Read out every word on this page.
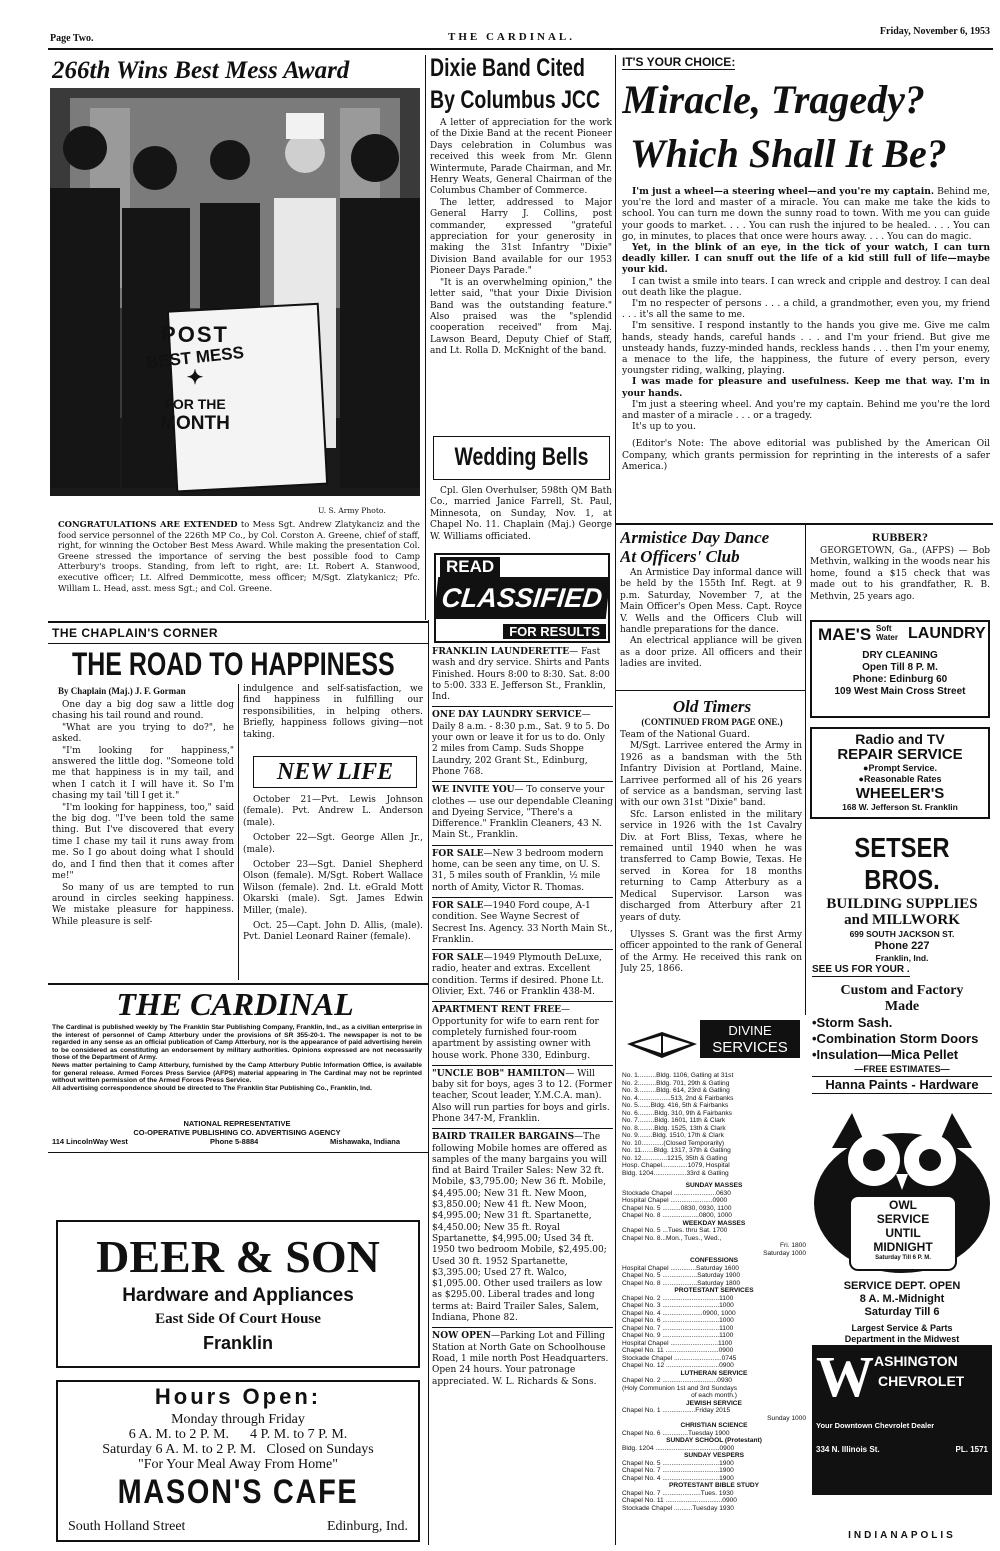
Page Two.	THE CARDINAL.	Friday, November 6, 1953
266th Wins Best Mess Award
POST
BEST MESS
✦
FOR THE
MONTH
U. S. Army Photo.
CONGRATULATIONS ARE EXTENDED to Mess Sgt. Andrew Zlatykanciz and the food service personnel of the 226th MP Co., by Col. Corston A. Greene, chief of staff, right, for winning the October Best Mess Award. While making the presentation Col. Greene stressed the importance of serving the best possible food to Camp Atterbury's troops. Standing, from left to right, are: Lt. Robert A. Stanwood, executive officer; Lt. Alfred Demmicotte, mess officer; M/Sgt. Zlatykanicz; Pfc. William L. Head, asst. mess Sgt.; and Col. Greene.
Dixie Band Cited
By Columbus JCC

A letter of appreciation for the work of the Dixie Band at the recent Pioneer Days celebration in Columbus was received this week from Mr. Glenn Wintermute, Parade Chairman, and Mr. Henry Weats, General Chairman of the Columbus Chamber of Commerce.

The letter, addressed to Major General Harry J. Collins, post commander, expressed "grateful appreciation for your generosity in making the 31st Infantry "Dixie" Division Band available for our 1953 Pioneer Days Parade."

"It is an overwhelming opinion," the letter said, "that your Dixie Division Band was the outstanding feature." Also praised was the "splendid cooperation received" from Maj. Lawson Beard, Deputy Chief of Staff, and Lt. Rolla D. McKnight of the band.

Wedding Bells

Cpl. Glen Overhulser, 598th QM Bath Co., married Janice Farrell, St. Paul, Minnesota, on Sunday, Nov. 1, at Chapel No. 11. Chaplain (Maj.) George W. Williams officiated.

READ
CLASSIFIED
FOR RESULTS
FRANKLIN LAUNDERETTE— Fast wash and dry service. Shirts and Pants Finished. Hours 8:00 to 8:30. Sat. 8:00 to 5:00. 333 E. Jefferson St., Franklin, Ind.
ONE DAY LAUNDRY SERVICE— Daily 8 a.m. - 8:30 p.m., Sat. 9 to 5. Do your own or leave it for us to do. Only 2 miles from Camp. Suds Shoppe Laundry, 202 Grant St., Edinburg, Phone 768.
WE INVITE YOU— To conserve your clothes — use our dependable Cleaning and Dyeing Service, "There's a Difference." Franklin Cleaners, 43 N. Main St., Franklin.
FOR SALE—New 3 bedroom modern home, can be seen any time, on U. S. 31, 5 miles south of Franklin, ½ mile north of Amity, Victor R. Thomas.
FOR SALE—1940 Ford coupe, A-1 condition. See Wayne Secrest of Secrest Ins. Agency. 33 North Main St., Franklin.
FOR SALE—1949 Plymouth DeLuxe, radio, heater and extras. Excellent condition. Terms if desired. Phone Lt. Olivier, Ext. 746 or Franklin 438-M.
APARTMENT RENT FREE—Opportunity for wife to earn rent for completely furnished four-room apartment by assisting owner with house work. Phone 330, Edinburg.
"UNCLE BOB" HAMILTON— Will baby sit for boys, ages 3 to 12. (Former teacher, Scout leader, Y.M.C.A. man). Also will run parties for boys and girls. Phone 347-M, Franklin.
BAIRD TRAILER BARGAINS—The following Mobile homes are offered as samples of the many bargains you will find at Baird Trailer Sales: New 32 ft. Mobile, $3,795.00; New 36 ft. Mobile, $4,495.00; New 31 ft. New Moon, $3,850.00; New 41 ft. New Moon, $4,995.00; New 31 ft. Spartanette, $4,450.00; New 35 ft. Royal Spartanette, $4,995.00; Used 34 ft. 1950 two bedroom Mobile, $2,495.00; Used 30 ft. 1952 Spartanette, $3,395.00; Used 27 ft. Walco, $1,095.00. Other used trailers as low as $295.00. Liberal trades and long terms at: Baird Trailer Sales, Salem, Indiana, Phone 82.
NOW OPEN—Parking Lot and Filling Station at North Gate on Schoolhouse Road, 1 mile north Post Headquarters. Open 24 hours. Your patronage appreciated. W. L. Richards & Sons.
IT'S YOUR CHOICE:
Miracle, Tragedy?
Which Shall It Be?

I'm just a wheel—a steering wheel—and you're my captain. Behind me, you're the lord and master of a miracle. You can make me take the kids to school. You can turn me down the sunny road to town. With me you can guide your goods to market. . . . You can rush the injured to be healed. . . . You can go, in minutes, to places that once were hours away. . . . You can do magic.

Yet, in the blink of an eye, in the tick of your watch, I can turn deadly killer. I can snuff out the life of a kid still full of life—maybe your kid.

I can twist a smile into tears. I can wreck and cripple and destroy. I can deal out death like the plague.

I'm no respecter of persons . . . a child, a grandmother, even you, my friend . . . it's all the same to me.

I'm sensitive. I respond instantly to the hands you give me. Give me calm hands, steady hands, careful hands . . . and I'm your friend. But give me unsteady hands, fuzzy-minded hands, reckless hands . . . then I'm your enemy, a menace to the life, the happiness, the future of every person, every youngster riding, walking, playing.

I was made for pleasure and usefulness. Keep me that way. I'm in your hands.

I'm just a steering wheel. And you're my captain. Behind me you're the lord and master of a miracle . . . or a tragedy.

It's up to you.

(Editor's Note: The above editorial was published by the American Oil Company, which grants permission for reprinting in the interests of a safer America.)

Armistice Day Dance
At Officers' Club

An Armistice Day informal dance will be held by the 155th Inf. Regt. at 9 p.m. Saturday, November 7, at the Main Officer's Open Mess. Capt. Royce V. Wells and the Officers Club will handle preparations for the dance.

An electrical appliance will be given as a door prize. All officers and their ladies are invited.

RUBBER?

GEORGETOWN, Ga., (AFPS) — Bob Methvin, walking in the woods near his home, found a $15 check that was made out to his grandfather, R. B. Methvin, 25 years ago.

MAE'S Soft
Water LAUNDRY
DRY CLEANING
Open Till 8 P. M.
Phone: Edinburg 60
109 West Main Cross Street
Radio and TV
REPAIR SERVICE
●Prompt Service.
●Reasonable Rates
WHEELER'S
168 W. Jefferson St. Franklin
SETSER BROS.
BUILDING SUPPLIES
and MILLWORK
699 SOUTH JACKSON ST.
Phone 227
Franklin, Ind.
SEE US FOR YOUR .
Custom and Factory
Made
•Storm Sash.
•Combination Storm Doors
•Insulation—Mica Pellet
—FREE ESTIMATES—
Hanna Paints - Hardware
OWL
SERVICE
UNTIL
MIDNIGHT
Saturday Till 6 P. M.
SERVICE DEPT. OPEN
8 A. M.-Midnight
Saturday Till 6
Largest Service & Parts
Department in the Midwest
W ASHINGTON
CHEVROLET
Your Downtown Chevrolet Dealer
334 N. Illinois St.	PL. 1571
INDIANAPOLIS
Old Timers
(CONTINUED FROM PAGE ONE.)

Team of the National Guard.

M/Sgt. Larrivee entered the Army in 1926 as a bandsman with the 5th Infantry Division at Portland, Maine. Larrivee performed all of his 26 years of service as a bandsman, serving last with our own 31st "Dixie" band.

Sfc. Larson enlisted in the military service in 1926 with the 1st Cavalry Div. at Fort Bliss, Texas, where he remained until 1940 when he was transferred to Camp Bowie, Texas. He served in Korea for 18 months returning to Camp Atterbury as a Medical Supervisor. Larson was discharged from Atterbury after 21 years of duty.

Ulysses S. Grant was the first Army officer appointed to the rank of General of the Army. He received this rank on July 25, 1866.

DIVINE
SERVICES
No. 1..........Bldg. 1106, Gatling at 31st
No. 2..........Bldg. 701, 29th & Gatling
No. 3..........Bldg. 614, 23rd & Gatling
No. 4..................513, 2nd & Fairbanks
No. 5.......Bldg. 416, 5th & Fairbanks
No. 6.........Bldg. 310, 9th & Fairbanks
No. 7.........Bldg. 1601, 11th & Clark
No. 8.........Bldg. 1525, 13th & Clark
No. 9........Bldg. 1510, 17th & Clark
No. 10............(Closed Temporarily)
No. 11.......Bldg. 1317, 37th & Gatling
No. 12..............1215, 35th & Gatling
Hosp. Chapel..............1079, Hospital
Bldg. 1204..................33rd & Gatling
SUNDAY MASSES
Stockade Chapel .......................0630
Hospital Chapel .......................0900
Chapel No. 5 ..........0830, 0930, 1100
Chapel No. 8 ....................0800, 1000
WEEKDAY MASSES
Chapel No. 5 ...Tues. thru Sat. 1700
Chapel No. 8...Mon., Tues., Wed.,
Fri. 1800
Saturday 1000
CONFESSIONS
Hospital Chapel ..............Saturday 1600
Chapel No. 5 ...................Saturday 1900
Chapel No. 8 ...................Saturday 1800
PROTESTANT SERVICES
Chapel No. 2 ...............................1100
Chapel No. 3 ...............................1000
Chapel No. 4 ......................0900, 1000
Chapel No. 6 ...............................1000
Chapel No. 7 ...............................1100
Chapel No. 9 ...............................1100
Hospital Chapel ..........................1100
Chapel No. 11 .............................0900
Stockade Chapel ..........................0745
Chapel No. 12 .............................0900
LUTHERAN SERVICE
Chapel No. 2 ..............................0930
(Holy Communion 1st and 3rd Sundays
of each month.)
JEWISH SERVICE
Chapel No. 1 ..................Friday 2015
Sunday 1000
CHRISTIAN SCIENCE
Chapel No. 6 ..............Tuesday 1900
SUNDAY SCHOOL (Protestant)
Bldg. 1204 ...................................0900
SUNDAY VESPERS
Chapel No. 5 ...............................1900
Chapel No. 7 ...............................1900
Chapel No. 4 ...............................1900
PROTESTANT BIBLE STUDY
Chapel No. 7 .....................Tues. 1930
Chapel No. 11 ...............................0900
Stockade Chapel ..........Tuesday 1930
THE CHAPLAIN'S CORNER
THE ROAD TO HAPPINESS
By Chaplain (Maj.) J. F. Gorman

One day a big dog saw a little dog chasing his tail round and round.

"What are you trying to do?", he asked.

"I'm looking for happiness," answered the little dog. "Someone told me that happiness is in my tail, and when I catch it I will have it. So I'm chasing my tail 'till I get it."

"I'm looking for happiness, too," said the big dog. "I've been told the same thing. But I've discovered that every time I chase my tail it runs away from me. So I go about doing what I should do, and I find then that it comes after me!"

So many of us are tempted to run around in circles seeking happiness. We mistake pleasure for happiness. While pleasure is self-

indulgence and self-satisfaction, we find happiness in fulfilling our responsibilities, in helping others. Briefly, happiness follows giving—not taking.

NEW LIFE

October 21—Pvt. Lewis Johnson (female). Pvt. Andrew L. Anderson (male).

October 22—Sgt. George Allen Jr., (male).

October 23—Sgt. Daniel Shepherd Olson (female). M/Sgt. Robert Wallace Wilson (female). 2nd. Lt. eGrald Mott Okarski (male). Sgt. James Edwin Miller, (male).

Oct. 25—Capt. John D. Allis, (male). Pvt. Daniel Leonard Rainer (female).

THE CARDINAL
The Cardinal is published weekly by The Franklin Star Publishing Company, Franklin, Ind., as a civilian enterprise in the interest of personnel of Camp Atterbury under the provisions of SR 355-20-1. The newspaper is not to be regarded in any sense as an official publication of Camp Atterbury, nor is the appearance of paid advertising herein to be considered as constituting an endorsement by military authorities. Opinions expressed are not necessarily those of the Department of Army.
News matter pertaining to Camp Atterbury, furnished by the Camp Atterbury Public Information Office, is available for general release. Armed Forces Press Service (AFPS) material appearing in The Cardinal may not be reprinted without written permission of the Armed Forces Press Service.
All advertising correspondence should be directed to The Franklin Star Publishing Co., Franklin, Ind.
NATIONAL REPRESENTATIVE
CO-OPERATIVE PUBLISHING CO. ADVERTISING AGENCY
114 LincolnWay West	Phone 5-8884	Mishawaka, Indiana
DEER & SON
Hardware and Appliances
East Side Of Court House
Franklin
Hours Open:
Monday through Friday
6 A. M. to 2 P. M.      4 P. M. to 7 P. M.
Saturday 6 A. M. to 2 P. M.   Closed on Sundays
"For Your Meal Away From Home"
MASON'S CAFE
South Holland Street	Edinburg, Ind.
